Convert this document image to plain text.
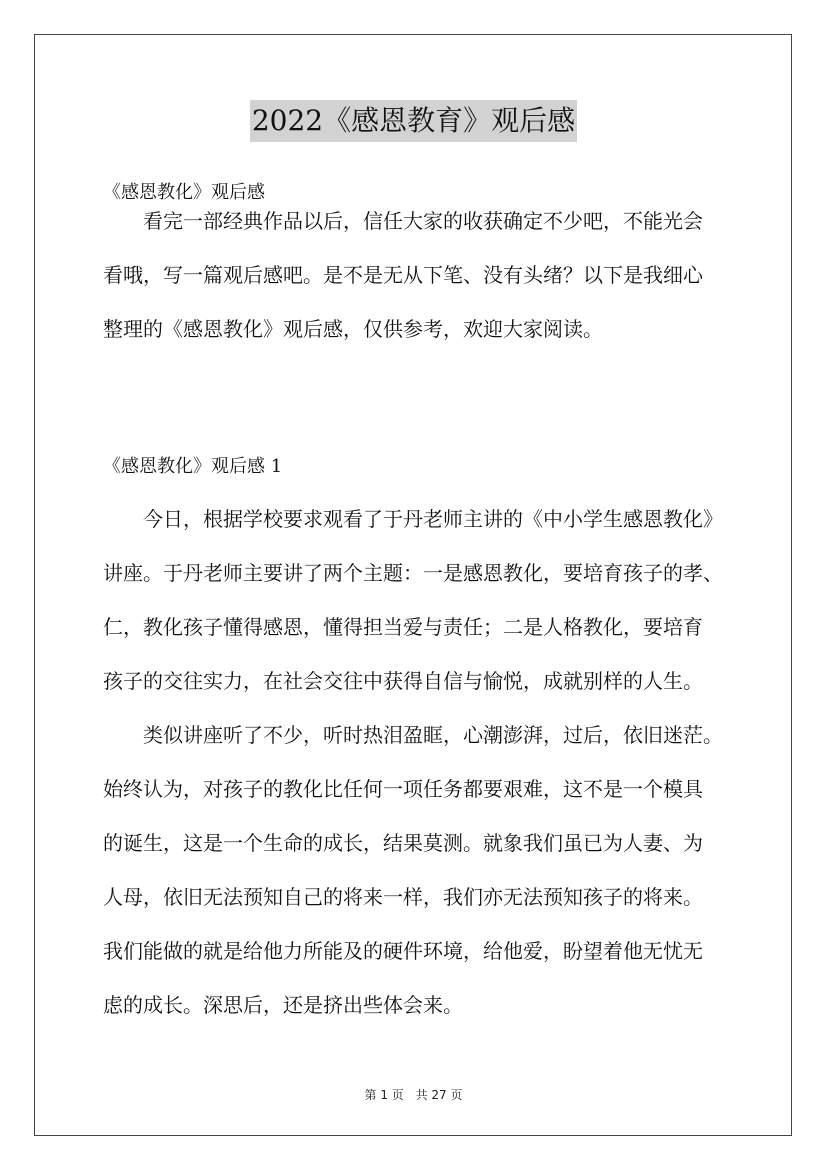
2022《感恩教育》观后感
《感恩教化》观后感
看完一部经典作品以后，信任大家的收获确定不少吧，不能光会
看哦，写一篇观后感吧。是不是无从下笔、没有头绪？以下是我细心
整理的《感恩教化》观后感，仅供参考，欢迎大家阅读。
《感恩教化》观后感 1
今日，根据学校要求观看了于丹老师主讲的《中小学生感恩教化》
讲座。于丹老师主要讲了两个主题：一是感恩教化，要培育孩子的孝、
仁，教化孩子懂得感恩，懂得担当爱与责任；二是人格教化，要培育
孩子的交往实力，在社会交往中获得自信与愉悦，成就别样的人生。
类似讲座听了不少，听时热泪盈眶，心潮澎湃，过后，依旧迷茫。
始终认为，对孩子的教化比任何一项任务都要艰难，这不是一个模具
的诞生，这是一个生命的成长，结果莫测。就象我们虽已为人妻、为
人母，依旧无法预知自己的将来一样，我们亦无法预知孩子的将来。
我们能做的就是给他力所能及的硬件环境，给他爱，盼望着他无忧无
虑的成长。深思后，还是挤出些体会来。
第 1 页 共 27 页
